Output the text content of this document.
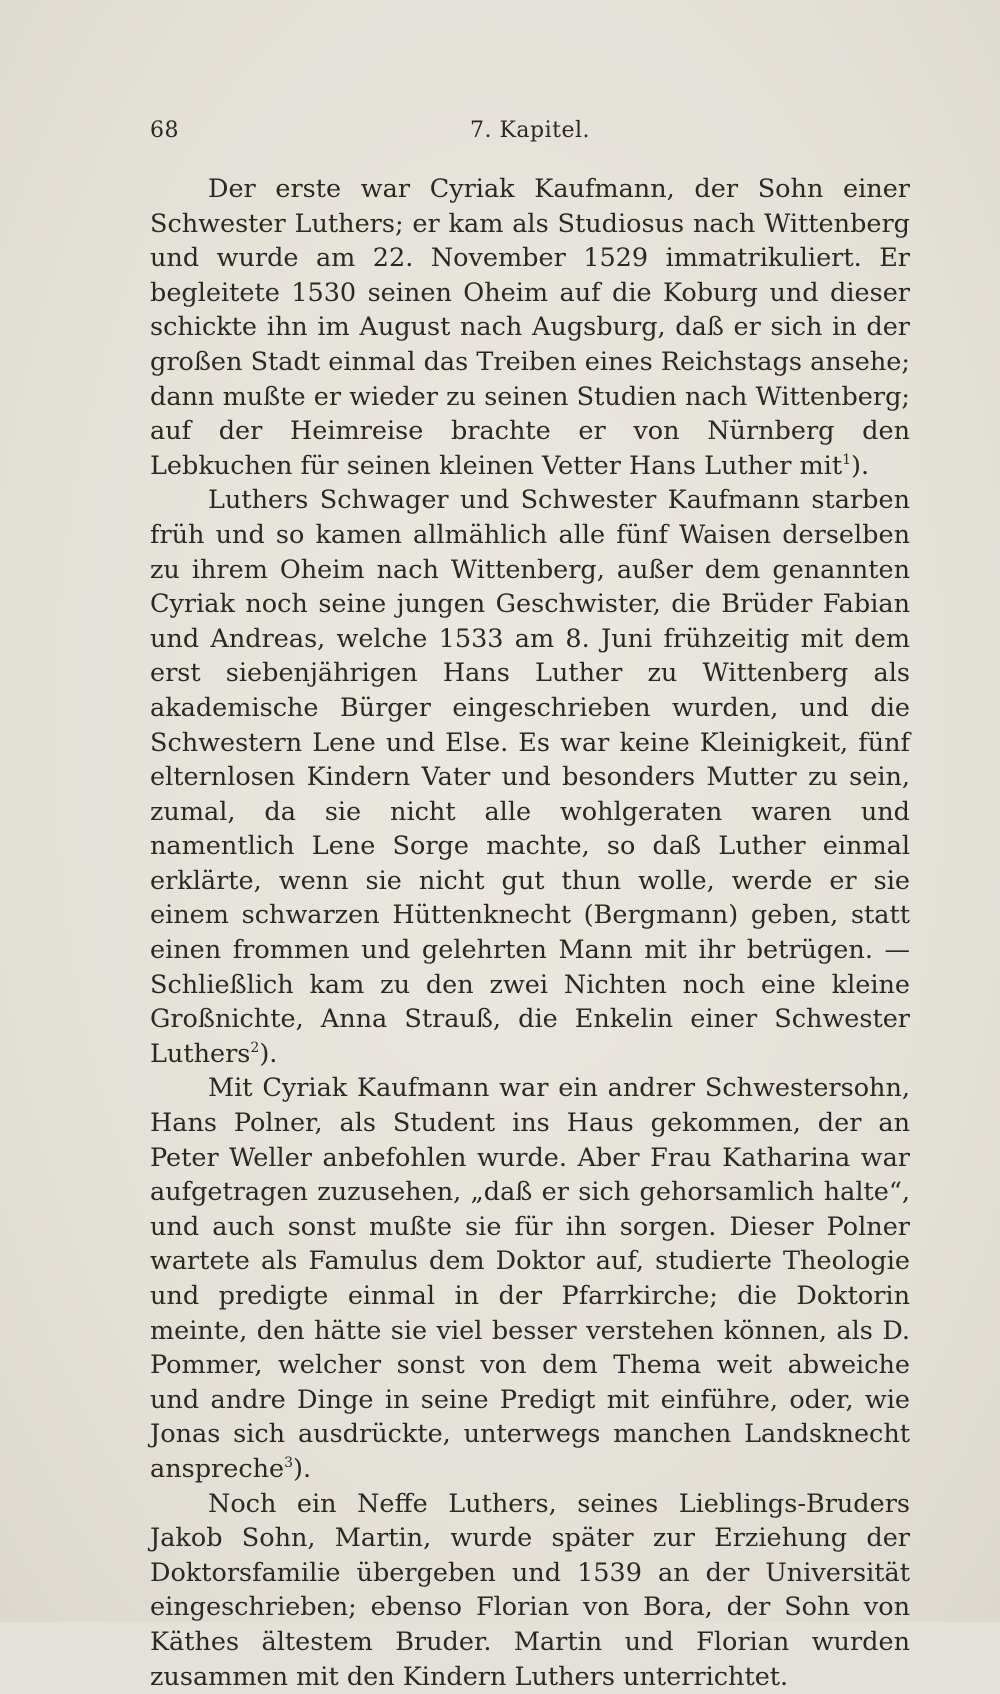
68	7. Kapitel.

Der erste war Cyriak Kaufmann, der Sohn einer Schwester Luthers; er kam als Studiosus nach Wittenberg und wurde am 22. November 1529 immatrikuliert. Er begleitete 1530 seinen Oheim auf die Koburg und dieser schickte ihn im August nach Augsburg, daß er sich in der großen Stadt einmal das Treiben eines Reichstags ansehe; dann mußte er wieder zu seinen Studien nach Wittenberg; auf der Heimreise brachte er von Nürnberg den Lebkuchen für seinen kleinen Vetter Hans Luther mit$^1$).

Luthers Schwager und Schwester Kaufmann starben früh und so kamen allmählich alle fünf Waisen derselben zu ihrem Oheim nach Wittenberg, außer dem genannten Cyriak noch seine jungen Geschwister, die Brüder Fabian und Andreas, welche 1533 am 8. Juni frühzeitig mit dem erst siebenjährigen Hans Luther zu Wittenberg als akademische Bürger eingeschrieben wurden, und die Schwestern Lene und Else. Es war keine Kleinigkeit, fünf elternlosen Kindern Vater und besonders Mutter zu sein, zumal, da sie nicht alle wohlgeraten waren und namentlich Lene Sorge machte, so daß Luther einmal erklärte, wenn sie nicht gut thun wolle, werde er sie einem schwarzen Hüttenknecht (Bergmann) geben, statt einen frommen und gelehrten Mann mit ihr betrügen. — Schließlich kam zu den zwei Nichten noch eine kleine Großnichte, Anna Strauß, die Enkelin einer Schwester Luthers$^2$).

Mit Cyriak Kaufmann war ein andrer Schwestersohn, Hans Polner, als Student ins Haus gekommen, der an Peter Weller anbefohlen wurde. Aber Frau Katharina war aufgetragen zuzusehen, „daß er sich gehorsamlich halte“, und auch sonst mußte sie für ihn sorgen. Dieser Polner wartete als Famulus dem Doktor auf, studierte Theologie und predigte einmal in der Pfarrkirche; die Doktorin meinte, den hätte sie viel besser verstehen können, als D. Pommer, welcher sonst von dem Thema weit abweiche und andre Dinge in seine Predigt mit einführe, oder, wie Jonas sich ausdrückte, unterwegs manchen Landsknecht anspreche$^3$).

Noch ein Neffe Luthers, seines Lieblings-Bruders Jakob Sohn, Martin, wurde später zur Erziehung der Doktorsfamilie übergeben und 1539 an der Universität eingeschrieben; ebenso Florian von Bora, der Sohn von Käthes ältestem Bruder. Martin und Florian wurden zusammen mit den Kindern Luthers unterrichtet.
